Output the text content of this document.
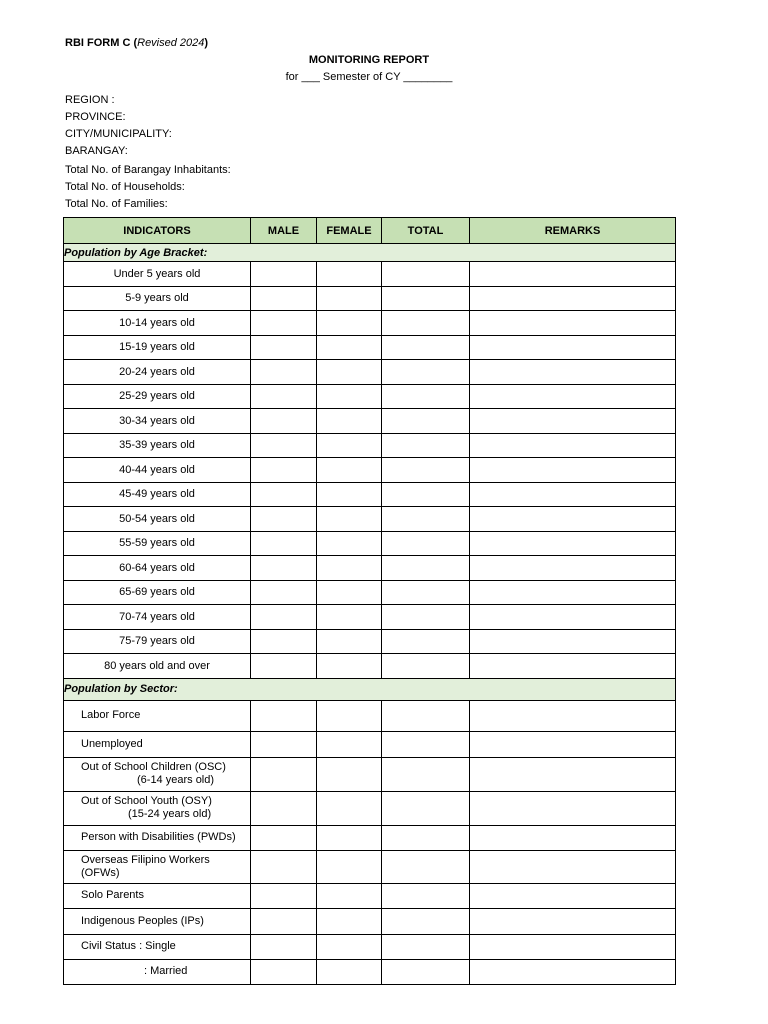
RBI FORM C (Revised 2024)
MONITORING REPORT
for ___ Semester of CY ________
REGION :
PROVINCE:
CITY/MUNICIPALITY:
BARANGAY:
Total No. of Barangay Inhabitants:
Total No. of Households:
Total No. of Families:
INDICATORS	MALE	FEMALE	TOTAL	REMARKS
Population by Age Bracket:				
Under 5 years old				
5-9 years old				
10-14 years old				
15-19 years old				
20-24 years old				
25-29 years old				
30-34 years old				
35-39 years old				
40-44 years old				
45-49 years old				
50-54 years old				
55-59 years old				
60-64 years old				
65-69 years old				
70-74 years old				
75-79 years old				
80 years old and over				
Population by Sector:				
Labor Force				
Unemployed				
Out of School Children (OSC)
(6-14 years old)				

Out of School Youth (OSY)
(15-24 years old)				

Person with Disabilities (PWDs)				
Overseas Filipino Workers
(OFWs)				

Solo Parents				
Indigenous Peoples (IPs)				
Civil Status : Single				
: Married				
